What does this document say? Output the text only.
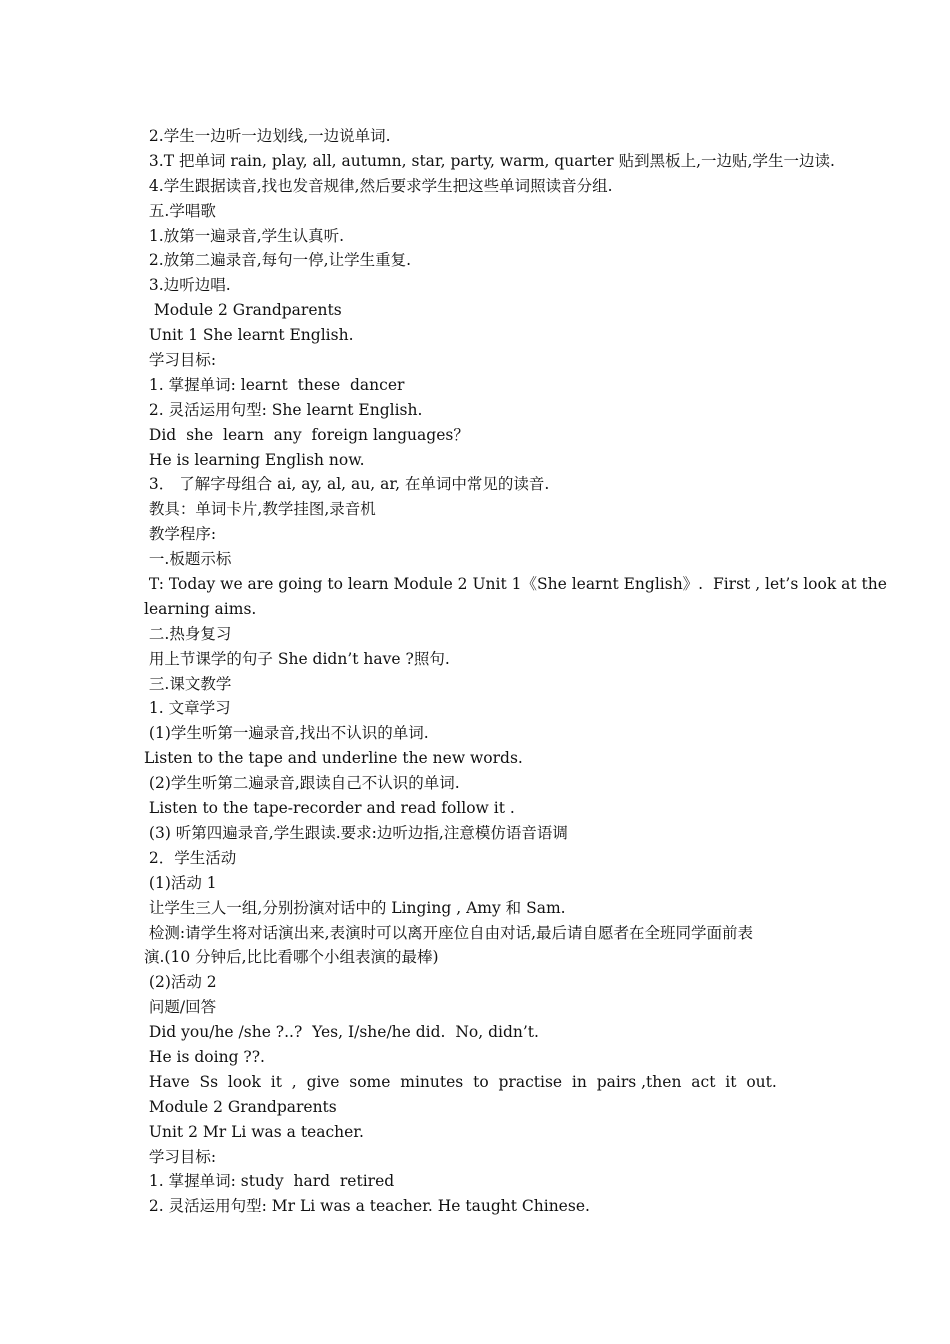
2.学生一边听一边划线,一边说单词.
3.T 把单词 rain, play, all, autumn, star, party, warm, quarter 贴到黑板上,一边贴,学生一边读.
4.学生跟据读音,找也发音规律,然后要求学生把这些单词照读音分组.
五.学唱歌
1.放第一遍录音,学生认真听.
2.放第二遍录音,每句一停,让学生重复.
3.边听边唱.
Module 2 Grandparents
Unit 1 She learnt English.
学习目标:
1. 掌握单词: learnt  these  dancer
2. 灵活运用句型: She learnt English.
Did  she  learn  any  foreign languages？
He is learning English now.
3． 了解字母组合 ai, ay, al, au, ar, 在单词中常见的读音.
教具：单词卡片,教学挂图,录音机
教学程序:
一.板题示标
T: Today we are going to learn Module 2 Unit 1《She learnt English》.  First , let’s look at the
learning aims.
二.热身复习
用上节课学的句子 She didn’t have ?照句.
三.课文教学
1. 文章学习
(1)学生听第一遍录音,找出不认识的单词.
Listen to the tape and underline the new words.
(2)学生听第二遍录音,跟读自己不认识的单词.
Listen to the tape-recorder and read follow it .
(3) 听第四遍录音,学生跟读.要求:边听边指,注意模仿语音语调
2．学生活动
(1)活动 1
让学生三人一组,分别扮演对话中的 Linging , Amy 和 Sam.
检测:请学生将对话演出来,表演时可以离开座位自由对话,最后请自愿者在全班同学面前表
演.(10 分钟后,比比看哪个小组表演的最棒)
(2)活动 2
问题/回答
Did you/he /she ?..?  Yes, I/she/he did.  No, didn’t.
He is doing ??.
Have  Ss  look  it  ,  give  some  minutes  to  practise  in  pairs ,then  act  it  out.
Module 2 Grandparents
Unit 2 Mr Li was a teacher.
学习目标:
1. 掌握单词: study  hard  retired
2. 灵活运用句型: Mr Li was a teacher. He taught Chinese.
